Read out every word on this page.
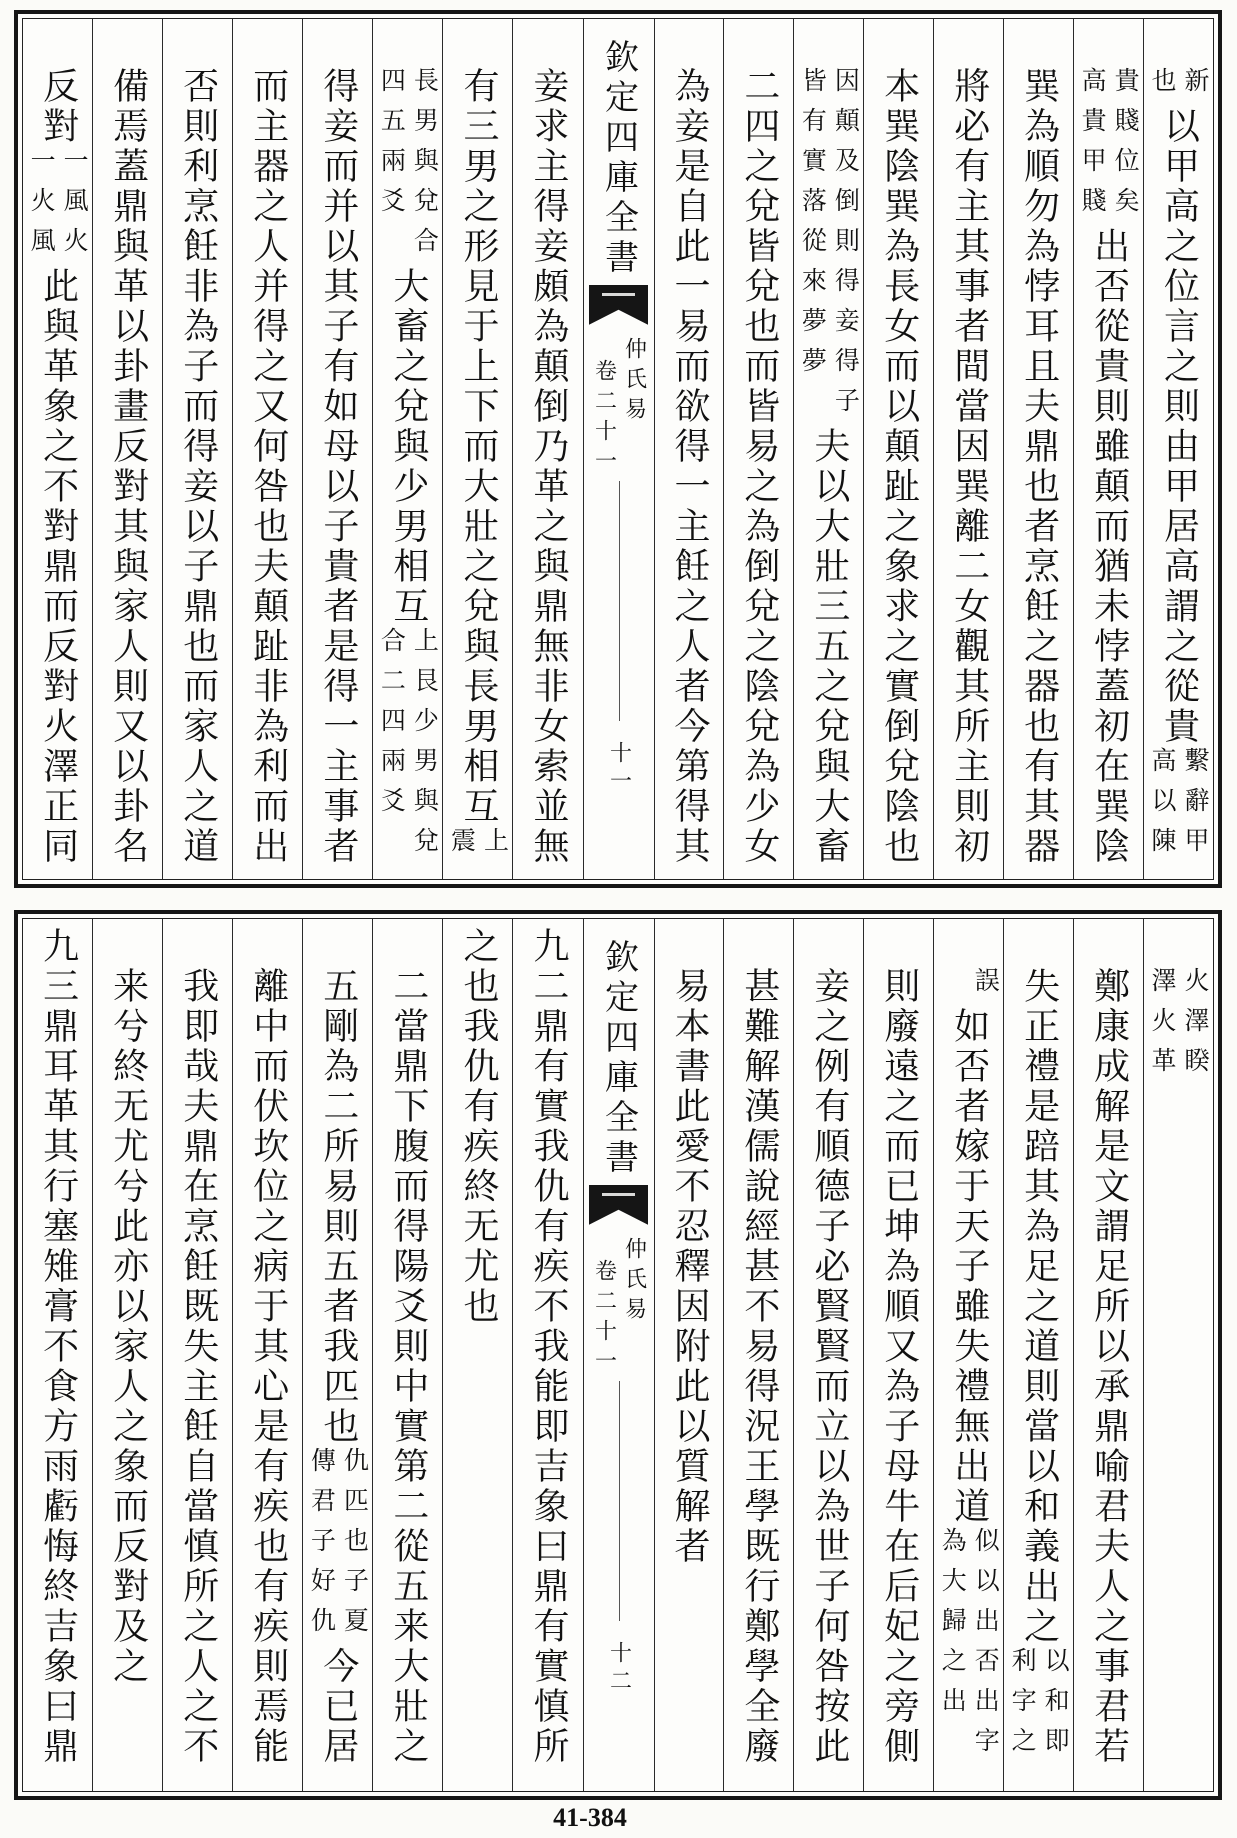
新
也
以甲高之位言之則由甲居高謂之從貴
繫辭甲
高以陳
貴賤位矣
高貴甲賤
出否從貴則雖顛而猶未悖蓋初在巽陰
巽為順勿為悖耳且夫鼎也者烹飪之器也有其器
將必有主其事者間當因巽離二女觀其所主則初
本巽陰巽為長女而以顛趾之象求之實倒兌陰也
因顛及倒則得妾得子
皆有實落從來夢夢
夫以大壯三五之兌與大畜
二四之兌皆兌也而皆易之為倒兌之陰兌為少女
為妾是自此一易而欲得一主飪之人者今第得其
欽定四庫全書
仲氏易
卷二十一
十一
妾求主得妾頗為顛倒乃革之與鼎無非女索並無
有三男之形見于上下而大壯之兌與長男相互
上
震
長男與兌合
四五兩爻
大畜之兌與少男相互
上艮少男與兌
合二四兩爻
得妾而并以其子有如母以子貴者是得一主事者
而主器之人并得之又何咎也夫顛趾非為利而出
否則利烹飪非為子而得妾以子鼎也而家人之道
備焉蓋鼎與革以卦畫反對其與家人則又以卦名
反對
一風火
一火風
此與革象之不對鼎而反對火澤正同
火澤睽
澤火革
鄭康成解是文謂足所以承鼎喻君夫人之事君若
失正禮是踣其為足之道則當以和義出之
以和即
利字之
誤
如否者嫁于天子雖失禮無出道
似以出否出字
為大歸之出
則廢遠之而已坤為順又為子母牛在后妃之旁側
妾之例有順德子必賢賢而立以為世子何咎按此
甚難解漢儒說經甚不易得況王學既行鄭學全廢
易本書此愛不忍釋因附此以質解者
欽定四庫全書
仲氏易
卷二十一
十二
九二鼎有實我仇有疾不我能即吉象曰鼎有實慎所
之也我仇有疾終无尤也
二當鼎下腹而得陽爻則中實第二從五来大壯之
五剛為二所易則五者我匹也
仇匹也子夏
傳君子好仇
今已居
離中而伏坎位之病于其心是有疾也有疾則焉能
我即哉夫鼎在烹飪既失主飪自當慎所之人之不
来兮終无尤兮此亦以家人之象而反對及之
九三鼎耳革其行塞雉膏不食方雨虧悔終吉象曰鼎
41-384
